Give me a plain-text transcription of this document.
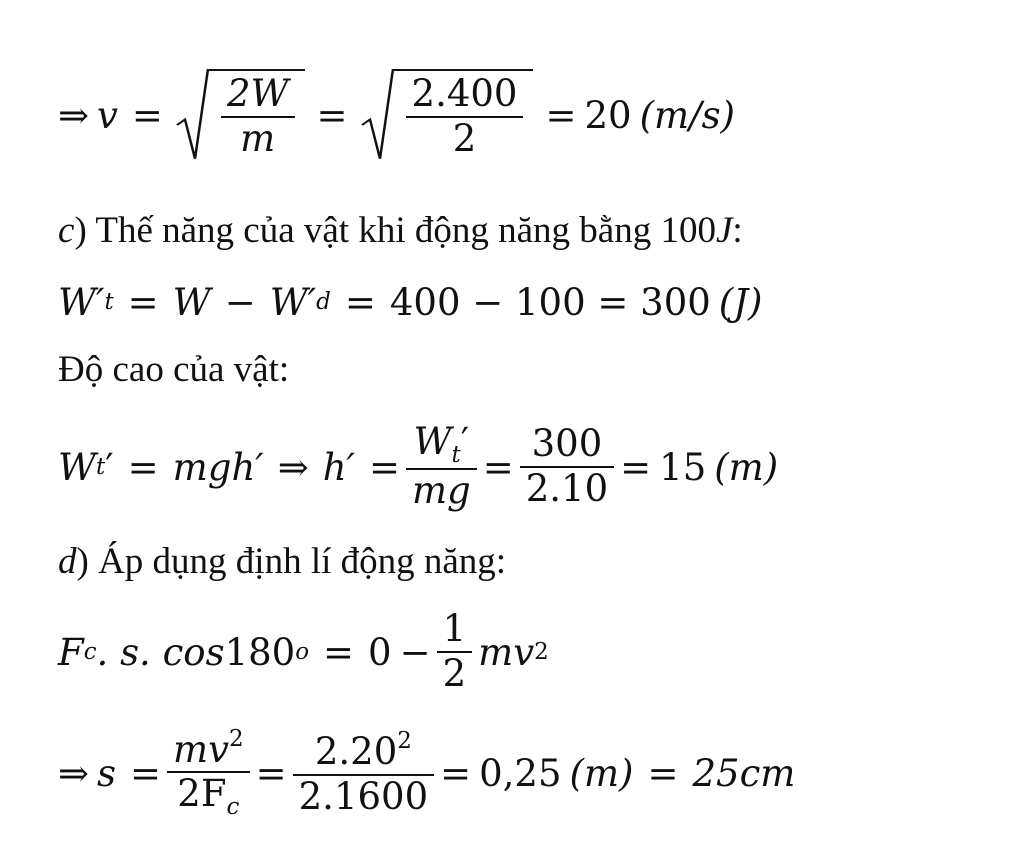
⇒ $v = \frac{2W}{m} = \frac{2.400}{2} = 20$ (m/s)
c ) Thế năng của vật khi động năng bằng 100 J :
W′ t = W − W′ d = 400 − 100 = 300 (J)
Độ cao của vật:
W t ′ = mgh′ ⇒ $h' = \frac{W_t'}{mg} = \frac{300}{2.10} = 15$ (m)
d ) Áp dụng định lí động năng:
F c . s. cos 180 $o = 0 - \frac{1}{2}$ mv 2
⇒ $s = \frac{mv^2}{2F_c} = \frac{2.20^2}{2.1600} = 0,25$ (m) = 25cm
